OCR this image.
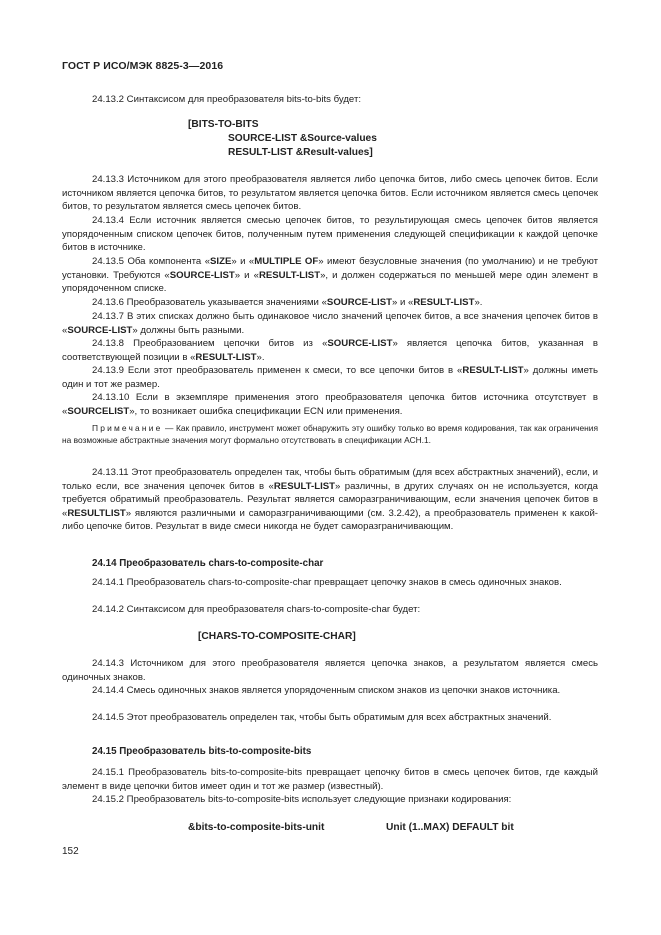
ГОСТ Р ИСО/МЭК 8825-3—2016

24.13.2 Синтаксисом для преобразователя bits-to-bits будет:

[BITS-TO-BITS

SOURCE-LIST &Source-values

RESULT-LIST &Result-values]

24.13.3 Источником для этого преобразователя является либо цепочка битов, либо смесь цепочек битов. Если источником является цепочка битов, то результатом является цепочка битов. Если источником является смесь цепочек битов, то результатом является смесь цепочек битов.

24.13.4 Если источник является смесью цепочек битов, то результирующая смесь цепочек битов является упорядоченным списком цепочек битов, полученным путем применения следующей спецификации к каждой цепочке битов в источнике.

24.13.5 Оба компонента «SIZE» и «MULTIPLE OF» имеют безусловные значения (по умолчанию) и не требуют установки. Требуются «SOURCE-LIST» и «RESULT-LIST», и должен содержаться по меньшей мере один элемент в упорядоченном списке.

24.13.6 Преобразователь указывается значениями «SOURCE-LIST» и «RESULT-LIST».

24.13.7 В этих списках должно быть одинаковое число значений цепочек битов, а все значения цепочек битов в «SOURCE-LIST» должны быть разными.

24.13.8 Преобразованием цепочки битов из «SOURCE-LIST» является цепочка битов, указанная в соответствующей позиции в «RESULT-LIST».

24.13.9 Если этот преобразователь применен к смеси, то все цепочки битов в «RESULT-LIST» должны иметь один и тот же размер.

24.13.10 Если в экземпляре применения этого преобразователя цепочка битов источника отсутствует в «SOURCELIST», то возникает ошибка спецификации ECN или применения.

Примечание — Как правило, инструмент может обнаружить эту ошибку только во время кодирования, так как ограничения на возможные абстрактные значения могут формально отсутствовать в спецификации АСН.1.

24.13.11 Этот преобразователь определен так, чтобы быть обратимым (для всех абстрактных значений), если, и только если, все значения цепочек битов в «RESULT-LIST» различны, в других случаях он не используется, когда требуется обратимый преобразователь. Результат является саморазграничивающим, если значения цепочек битов в «RESULTLIST» являются различными и саморазграничивающими (см. 3.2.42), а преобразователь применен к какой-либо цепочке битов. Результат в виде смеси никогда не будет саморазграничивающим.

24.14 Преобразователь chars-to-composite-char

24.14.1 Преобразователь chars-to-composite-char превращает цепочку знаков в смесь одиночных знаков.

24.14.2 Синтаксисом для преобразователя chars-to-composite-char будет:

[CHARS-TO-COMPOSITE-CHAR]

24.14.3 Источником для этого преобразователя является цепочка знаков, а результатом является смесь одиночных знаков.

24.14.4 Смесь одиночных знаков является упорядоченным списком знаков из цепочки знаков источника.

24.14.5 Этот преобразователь определен так, чтобы быть обратимым для всех абстрактных значений.

24.15 Преобразователь bits-to-composite-bits

24.15.1 Преобразователь bits-to-composite-bits превращает цепочку битов в смесь цепочек битов, где каждый элемент в виде цепочки битов имеет один и тот же размер (известный).

24.15.2 Преобразователь bits-to-composite-bits использует следующие признаки кодирования:

&bits-to-composite-bits-unit	Unit (1..MAX) DEFAULT bit

152
